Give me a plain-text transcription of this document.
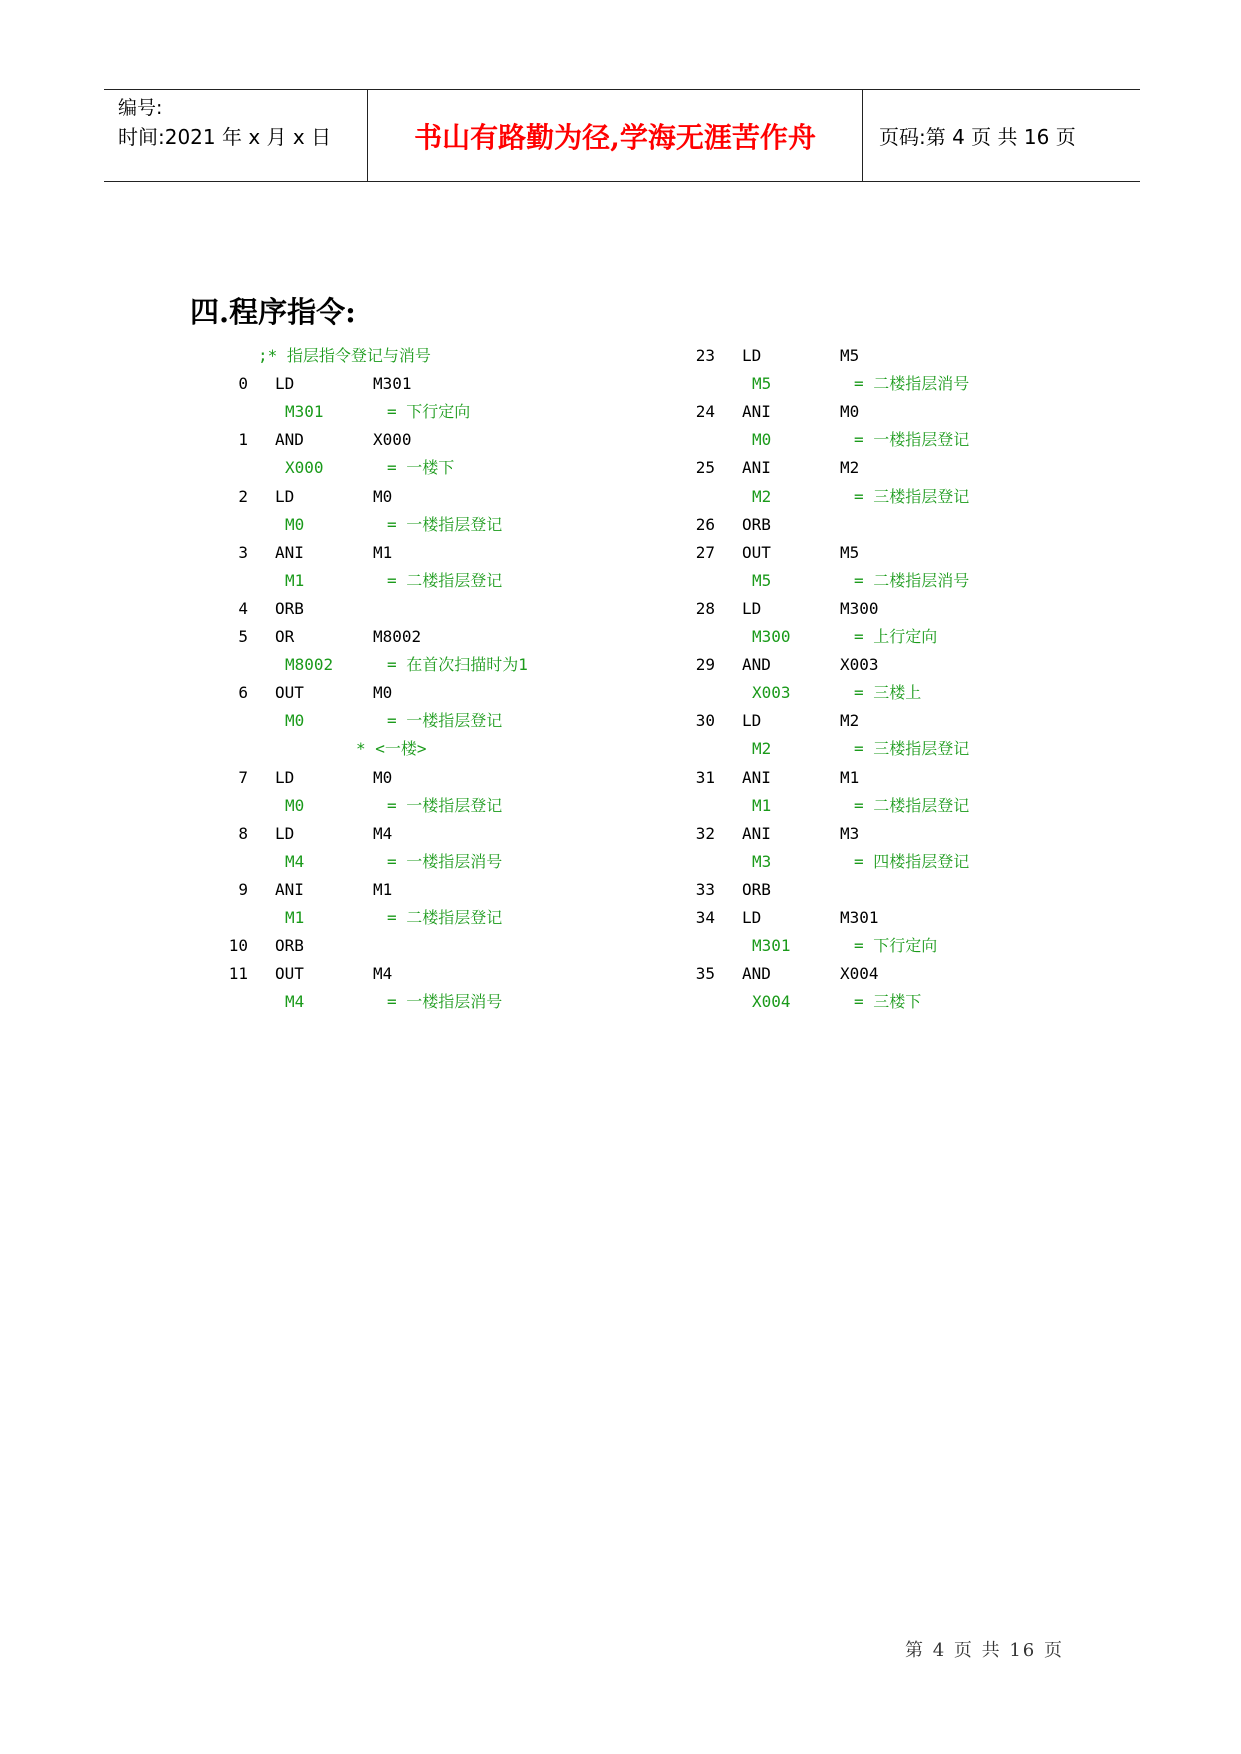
编号:
时间:2021 年 x 月 x 日	书山有路勤为径,学海无涯苦作舟	页码:第 4 页 共 16 页
四.程序指令:
;* 指层指令登记与消号
0 LD	M301
M301	= 下行定向
1 AND	X000
X000	= 一楼下
2 LD	M0
M0	= 一楼指层登记
3 ANI	M1
M1	= 二楼指层登记
4 ORB
5 OR	M8002
M8002	= 在首次扫描时为1
6 OUT	M0
M0	= 一楼指层登记
* <一楼>
7 LD	M0
M0	= 一楼指层登记
8 LD	M4
M4	= 一楼指层消号
9 ANI	M1
M1	= 二楼指层登记
10 ORB
11 OUT	M4
M4	= 一楼指层消号
23 LD	M5
M5	= 二楼指层消号
24 ANI	M0
M0	= 一楼指层登记
25 ANI	M2
M2	= 三楼指层登记
26 ORB
27 OUT	M5
M5	= 二楼指层消号
28 LD	M300
M300	= 上行定向
29 AND	X003
X003	= 三楼上
30 LD	M2
M2	= 三楼指层登记
31 ANI	M1
M1	= 二楼指层登记
32 ANI	M3
M3	= 四楼指层登记
33 ORB
34 LD	M301
M301	= 下行定向
35 AND	X004
X004	= 三楼下
第 4 页 共 16 页
